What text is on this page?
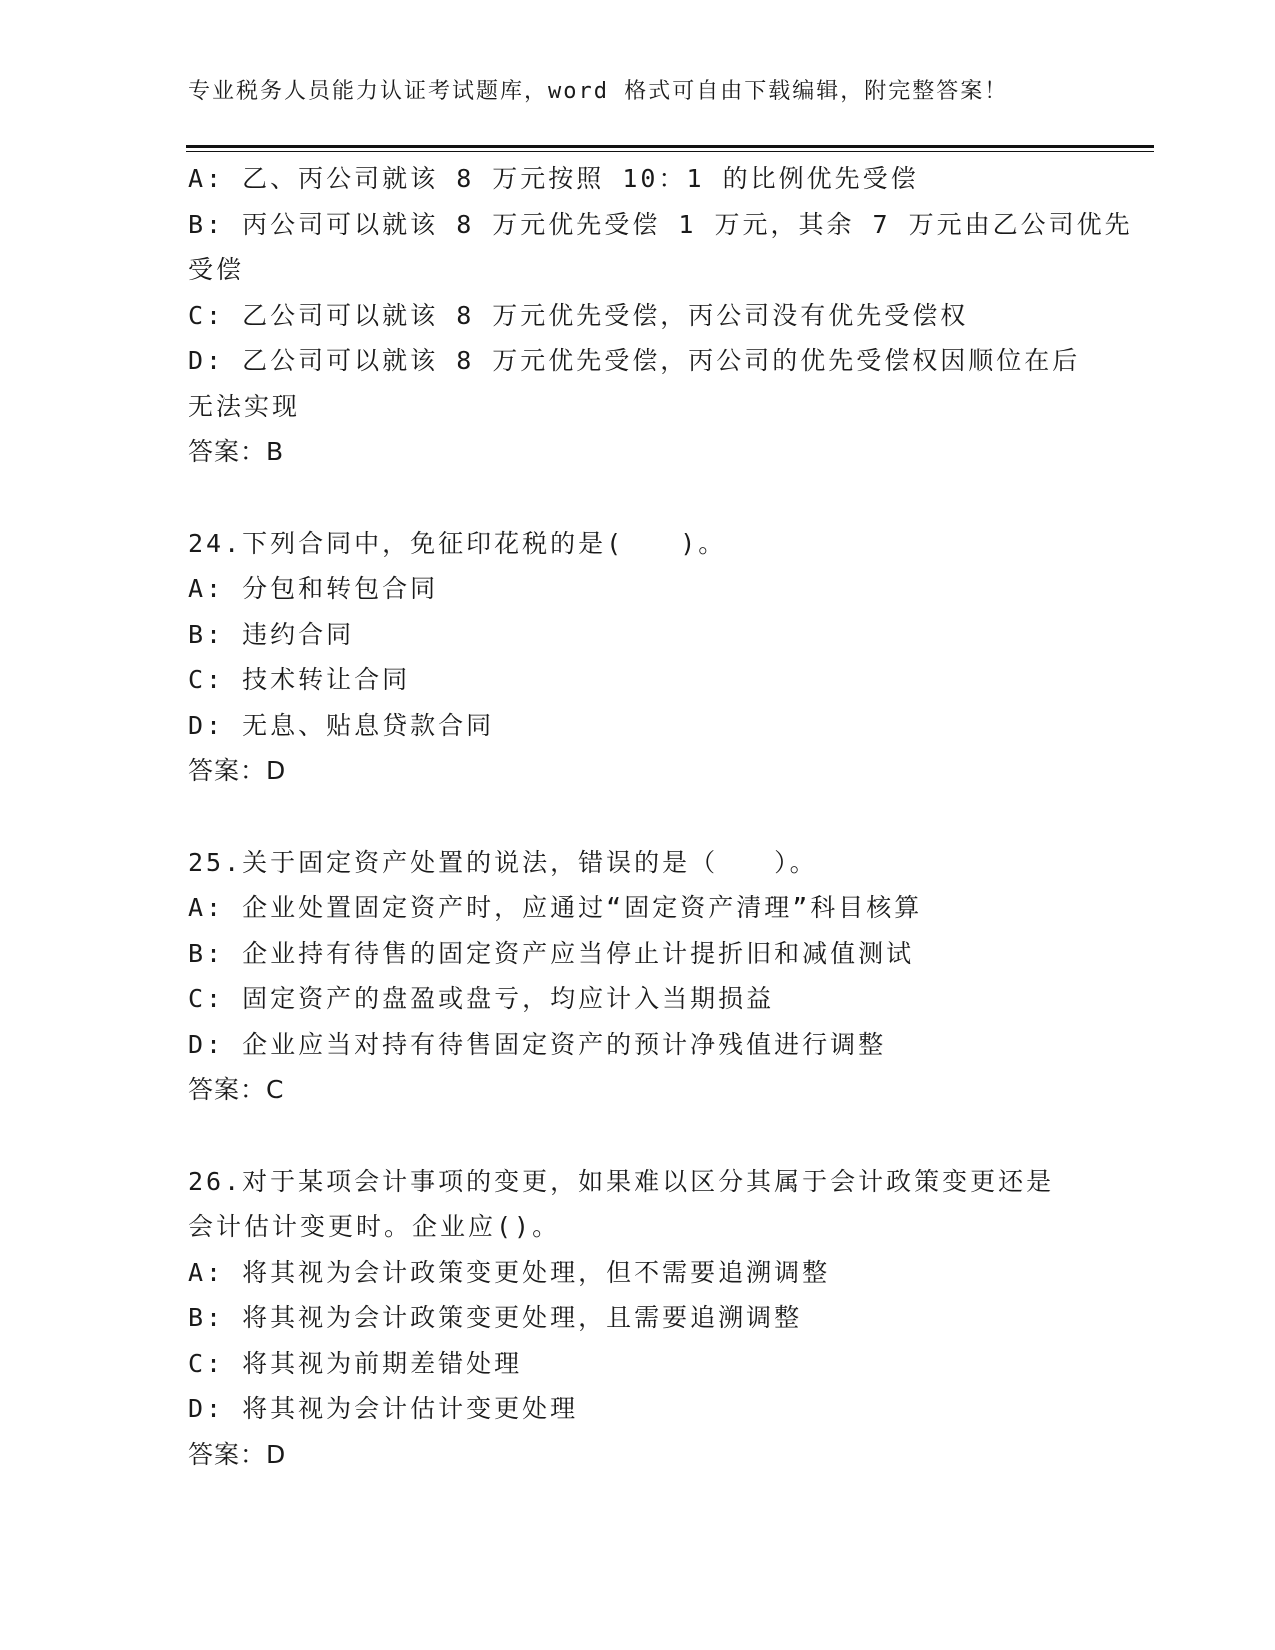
专业税务人员能力认证考试题库，word 格式可自由下载编辑，附完整答案！
A: 乙、丙公司就该 8 万元按照 10：1 的比例优先受偿
B: 丙公司可以就该 8 万元优先受偿 1 万元，其余 7 万元由乙公司优先
受偿
C: 乙公司可以就该 8 万元优先受偿，丙公司没有优先受偿权
D: 乙公司可以就该 8 万元优先受偿，丙公司的优先受偿权因顺位在后
无法实现
答案：B
24.下列合同中，免征印花税的是(　　)。
A: 分包和转包合同
B: 违约合同
C: 技术转让合同
D: 无息、贴息贷款合同
答案：D
25.关于固定资产处置的说法，错误的是（　　）。
A: 企业处置固定资产时，应通过“固定资产清理”科目核算
B: 企业持有待售的固定资产应当停止计提折旧和减值测试
C: 固定资产的盘盈或盘亏，均应计入当期损益
D: 企业应当对持有待售固定资产的预计净残值进行调整
答案：C
26.对于某项会计事项的变更，如果难以区分其属于会计政策变更还是
会计估计变更时。企业应()。
A: 将其视为会计政策变更处理，但不需要追溯调整
B: 将其视为会计政策变更处理，且需要追溯调整
C: 将其视为前期差错处理
D: 将其视为会计估计变更处理
答案：D
